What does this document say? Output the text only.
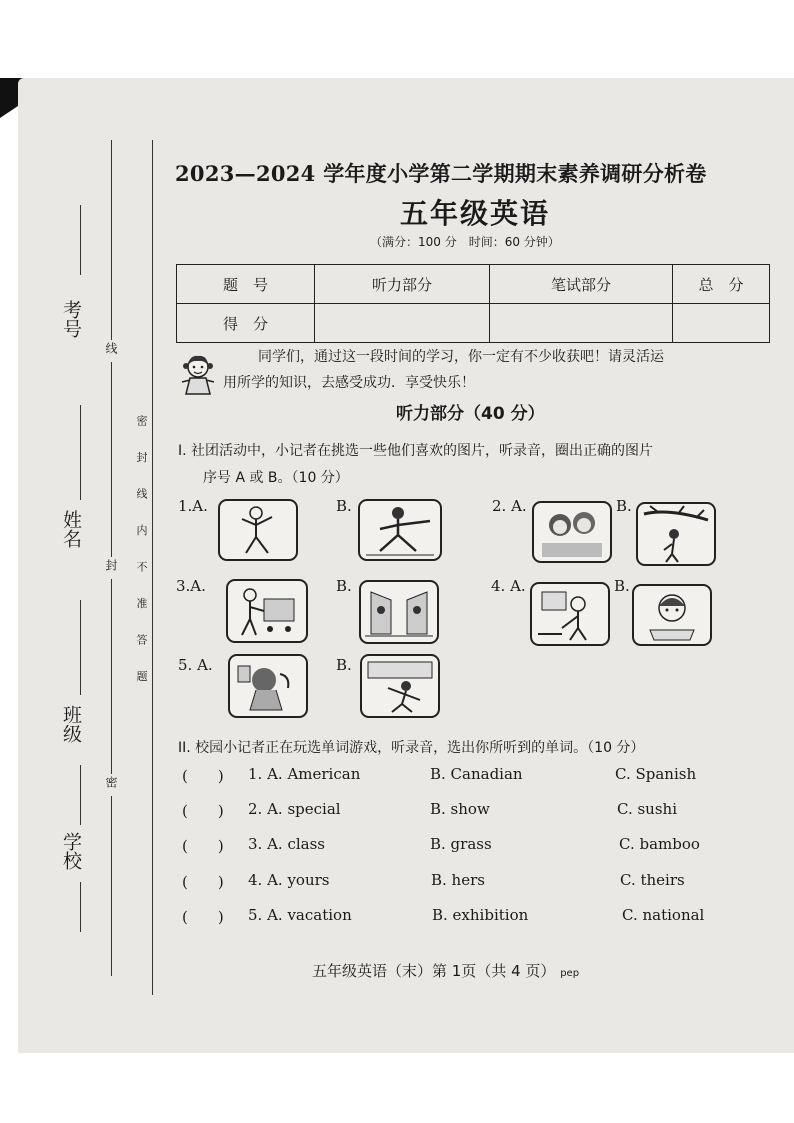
考号
姓名
班级
学校
线
封
密
密 封 线 内 不 准 答 题
2023—2024 学年度小学第二学期期末素养调研分析卷
五年级英语
（满分：100 分　时间：60 分钟）
题　号	听力部分	笔试部分	总　分
得　分			
同学们，通过这一段时间的学习，你一定有不少收获吧！请灵活运
用所学的知识，去感受成功．享受快乐！
听力部分（40 分）
I. 社团活动中，小记者在挑选一些他们喜欢的图片，听录音，圈出正确的图片
序号 A 或 B。（10 分）
1.A.	B.	2. A.	B.
3.A.	B.	4. A.	B.
5. A.	B.
II. 校园小记者正在玩选单词游戏，听录音，选出你所听到的单词。（10 分）
(　　) 1. A. American	B. Canadian	C. Spanish
(　　) 2. A. special	B. show	C. sushi
(　　) 3. A. class	B. grass	C. bamboo
(　　) 4. A. yours	B. hers	C. theirs
(　　) 5. A. vacation	B. exhibition	C. national
五年级英语（末）第 1页（共 4 页） pep
